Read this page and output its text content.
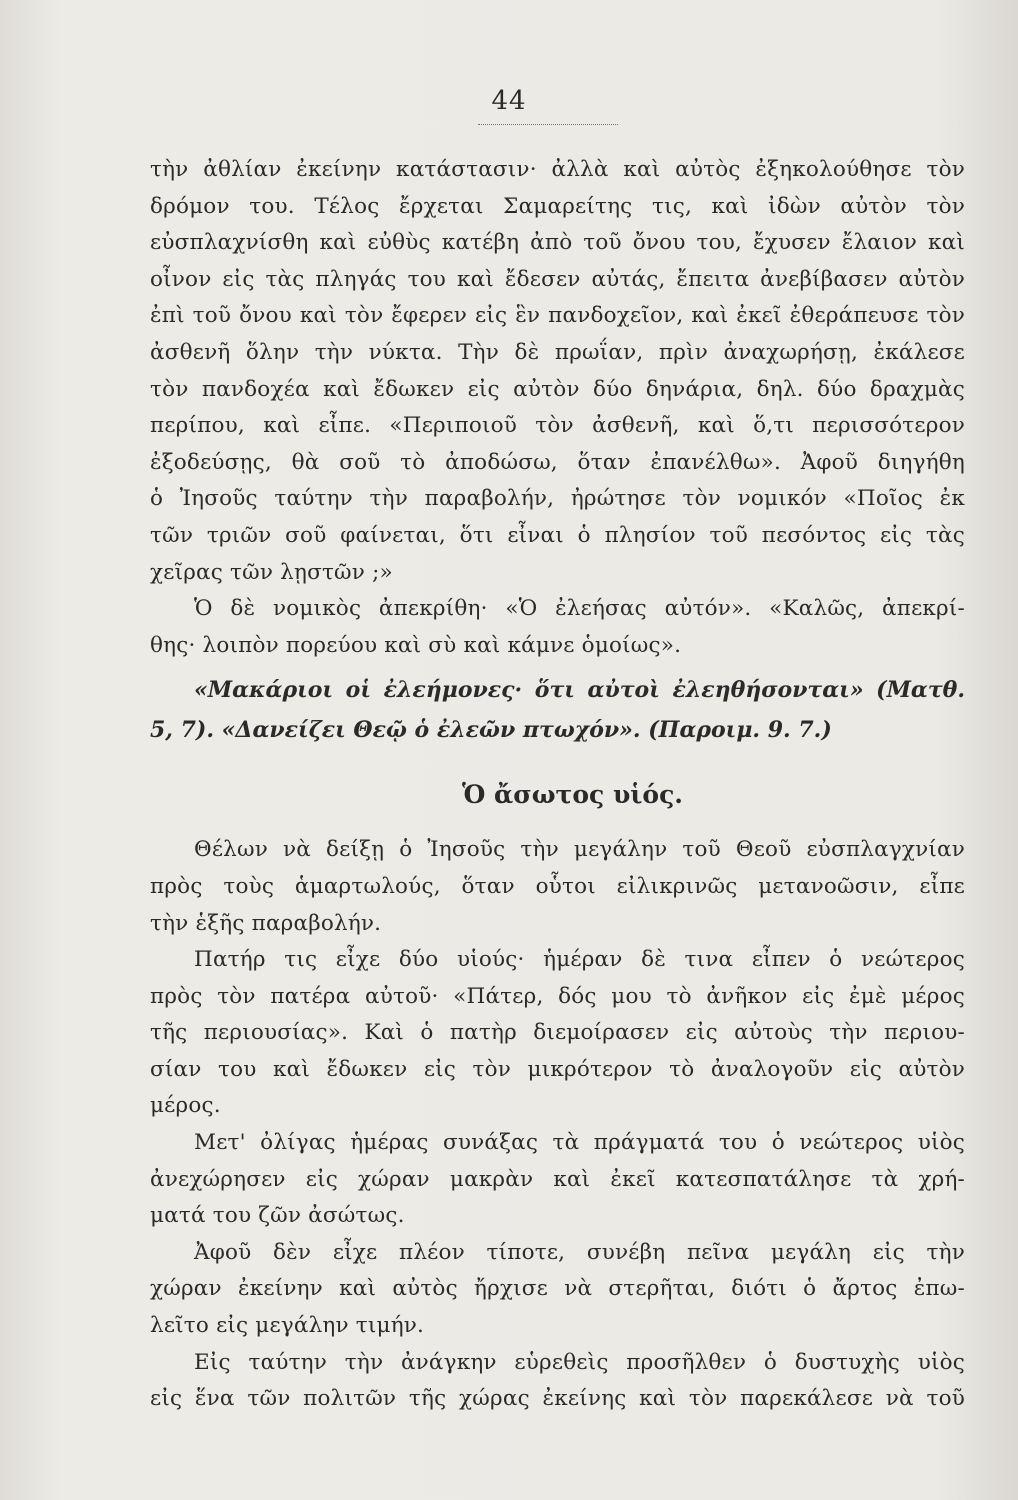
44
τὴν ἀθλίαν ἐκείνην κατάστασιν· ἀλλὰ καὶ αὐτὸς ἐξηκολούθησε τὸν
δρόμον του. Τέλος ἔρχεται Σαμαρείτης τις, καὶ ἰδὼν αὐτὸν τὸν
εὐσπλαχνίσθη καὶ εὐθὺς κατέβη ἀπὸ τοῦ ὄνου του, ἔχυσεν ἔλαιον καὶ
οἶνον εἰς τὰς πληγάς του καὶ ἔδεσεν αὐτάς, ἔπειτα ἀνεβίβασεν αὐτὸν
ἐπὶ τοῦ ὄνου καὶ τὸν ἔφερεν εἰς ἓν πανδοχεῖον, καὶ ἐκεῖ ἐθεράπευσε τὸν
ἀσθενῆ ὅλην τὴν νύκτα. Τὴν δὲ πρωΐαν, πρὶν ἀναχωρήσῃ, ἐκάλεσε
τὸν πανδοχέα καὶ ἔδωκεν εἰς αὐτὸν δύο δηνάρια, δηλ. δύο δραχμὰς
περίπου, καὶ εἶπε. «Περιποιοῦ τὸν ἀσθενῆ, καὶ ὅ,τι περισσότερον
ἐξοδεύσῃς, θὰ σοῦ τὸ ἀποδώσω, ὅταν ἐπανέλθω». Ἀφοῦ διηγήθη
ὁ Ἰησοῦς ταύτην τὴν παραβολήν, ἠρώτησε τὸν νομικόν «Ποῖος ἐκ
τῶν τριῶν σοῦ φαίνεται, ὅτι εἶναι ὁ πλησίον τοῦ πεσόντος εἰς τὰς
χεῖρας τῶν λῃστῶν ;»
Ὁ δὲ νομικὸς ἀπεκρίθη· «Ὁ ἐλεήσας αὐτόν». «Καλῶς, ἀπεκρί-
θης· λοιπὸν πορεύου καὶ σὺ καὶ κάμνε ὁμοίως».
«Μακάριοι οἱ ἐλεήμονες· ὅτι αὐτοὶ ἐλεηθήσονται» (Ματθ.
5, 7). «Δανείζει Θεῷ ὁ ἐλεῶν πτωχόν». (Παροιμ. 9. 7.)
Ὁ ἄσωτος υἱός.
Θέλων νὰ δείξῃ ὁ Ἰησοῦς τὴν μεγάλην τοῦ Θεοῦ εὐσπλαγχνίαν
πρὸς τοὺς ἁμαρτωλούς, ὅταν οὗτοι εἰλικρινῶς μετανοῶσιν, εἶπε
τὴν ἑξῆς παραβολήν.
Πατήρ τις εἶχε δύο υἱούς· ἡμέραν δὲ τινα εἶπεν ὁ νεώτερος
πρὸς τὸν πατέρα αὐτοῦ· «Πάτερ, δός μου τὸ ἀνῆκον εἰς ἐμὲ μέρος
τῆς περιουσίας». Καὶ ὁ πατὴρ διεμοίρασεν εἰς αὐτοὺς τὴν περιου-
σίαν του καὶ ἔδωκεν εἰς τὸν μικρότερον τὸ ἀναλογοῦν εἰς αὐτὸν
μέρος.
Μετ' ὀλίγας ἡμέρας συνάξας τὰ πράγματά του ὁ νεώτερος υἱὸς
ἀνεχώρησεν εἰς χώραν μακρὰν καὶ ἐκεῖ κατεσπατάλησε τὰ χρή-
ματά του ζῶν ἀσώτως.
Ἀφοῦ δὲν εἶχε πλέον τίποτε, συνέβη πεῖνα μεγάλη εἰς τὴν
χώραν ἐκείνην καὶ αὐτὸς ἤρχισε νὰ στερῆται, διότι ὁ ἄρτος ἐπω-
λεῖτο εἰς μεγάλην τιμήν.
Εἰς ταύτην τὴν ἀνάγκην εὑρεθεὶς προσῆλθεν ὁ δυστυχὴς υἱὸς
εἰς ἕνα τῶν πολιτῶν τῆς χώρας ἐκείνης καὶ τὸν παρεκάλεσε νὰ τοῦ
